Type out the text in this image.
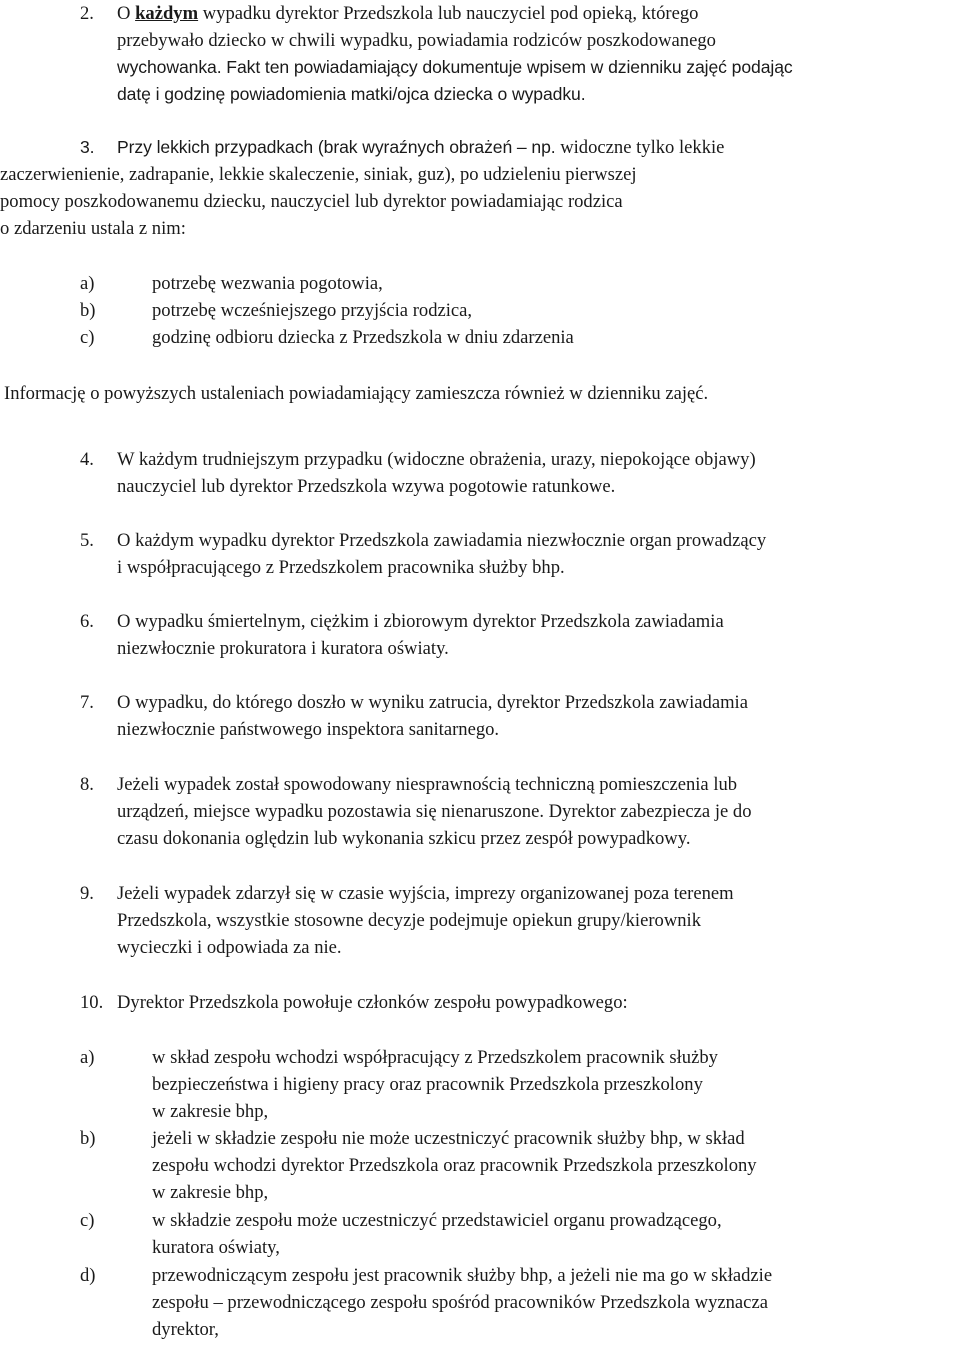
2. O każdym wypadku dyrektor Przedszkola lub nauczyciel pod opieką, którego
przebywało dziecko w chwili wypadku, powiadamia rodziców poszkodowanego
wychowanka. Fakt ten powiadamiający dokumentuje wpisem w dzienniku zajęć podając
datę i godzinę powiadomienia matki/ojca dziecka o wypadku.
3. Przy lekkich przypadkach (brak wyraźnych obrażeń – np. widoczne tylko lekkie
zaczerwienienie, zadrapanie, lekkie skaleczenie, siniak, guz), po udzieleniu pierwszej
pomocy poszkodowanemu dziecku, nauczyciel lub dyrektor powiadamiając rodzica
o zdarzeniu ustala z nim:
a)	potrzebę wezwania pogotowia,
b)	potrzebę wcześniejszego przyjścia rodzica,
c)	godzinę odbioru dziecka z Przedszkola w dniu zdarzenia
Informację o powyższych ustaleniach powiadamiający zamieszcza również w dzienniku zajęć.
4. W każdym trudniejszym przypadku (widoczne obrażenia, urazy, niepokojące objawy)
nauczyciel lub dyrektor Przedszkola wzywa pogotowie ratunkowe.
5. O każdym wypadku dyrektor Przedszkola zawiadamia niezwłocznie organ prowadzący
i współpracującego z Przedszkolem pracownika służby bhp.
6. O wypadku śmiertelnym, ciężkim i zbiorowym dyrektor Przedszkola zawiadamia
niezwłocznie prokuratora i kuratora oświaty.
7. O wypadku, do którego doszło w wyniku zatrucia, dyrektor Przedszkola zawiadamia
niezwłocznie państwowego inspektora sanitarnego.
8. Jeżeli wypadek został spowodowany niesprawnością techniczną pomieszczenia lub
urządzeń, miejsce wypadku pozostawia się nienaruszone. Dyrektor zabezpiecza je do
czasu dokonania oględzin lub wykonania szkicu przez zespół powypadkowy.
9. Jeżeli wypadek zdarzył się w czasie wyjścia, imprezy organizowanej poza terenem
Przedszkola, wszystkie stosowne decyzje podejmuje opiekun grupy/kierownik
wycieczki i odpowiada za nie.
10. Dyrektor Przedszkola powołuje członków zespołu powypadkowego:
a)	w skład zespołu wchodzi współpracujący z Przedszkolem pracownik służby
bezpieczeństwa i higieny pracy oraz pracownik Przedszkola przeszkolony
w zakresie bhp,
b)	jeżeli w składzie zespołu nie może uczestniczyć pracownik służby bhp, w skład
zespołu wchodzi dyrektor Przedszkola oraz pracownik Przedszkola przeszkolony
w zakresie bhp,
c)	w składzie zespołu może uczestniczyć przedstawiciel organu prowadzącego,
kuratora oświaty,
d)	przewodniczącym zespołu jest pracownik służby bhp, a jeżeli nie ma go w składzie
zespołu – przewodniczącego zespołu spośród pracowników Przedszkola wyznacza
dyrektor,
